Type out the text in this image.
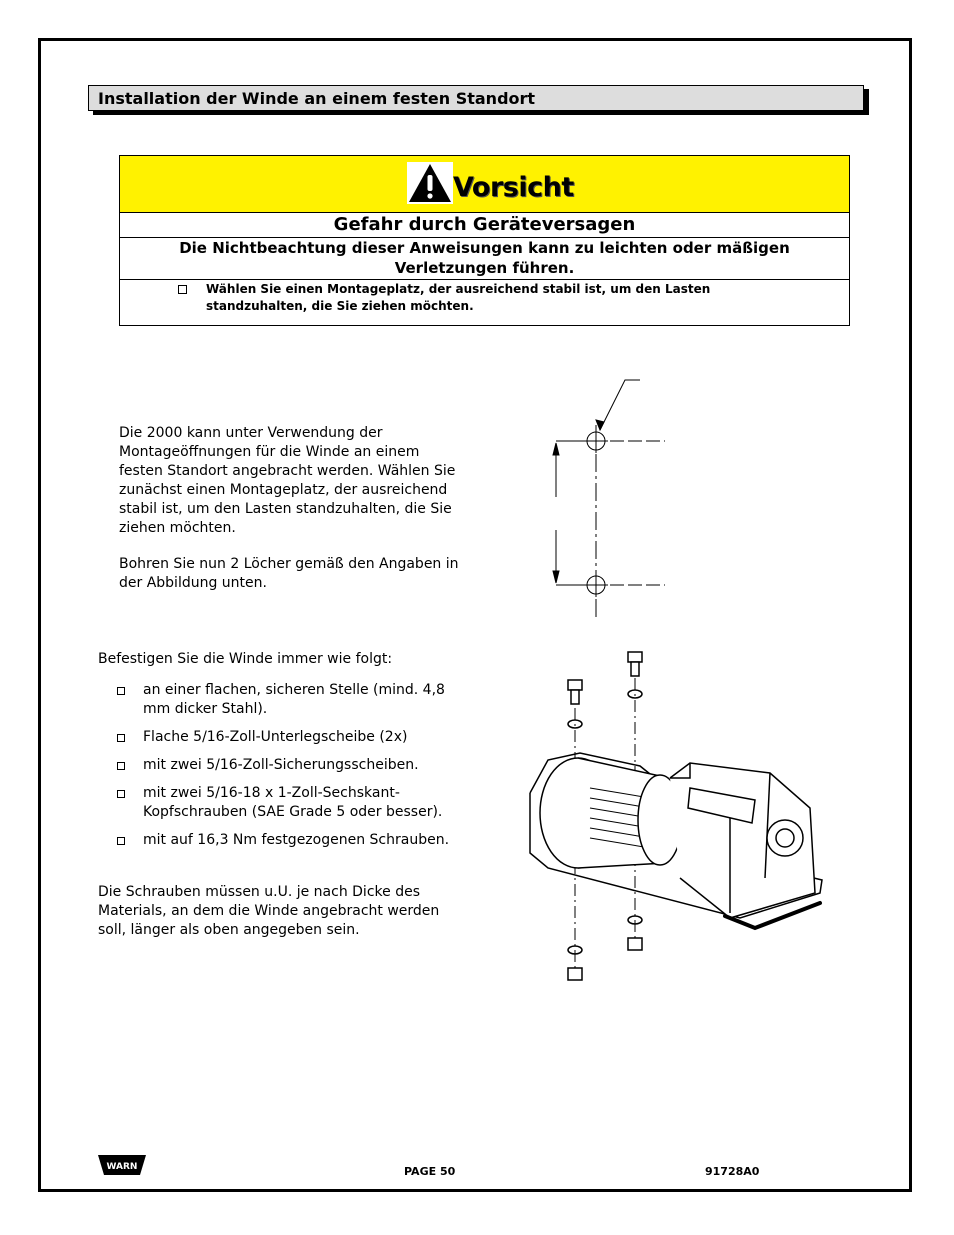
Installation der Winde an einem festen Standort
Vorsicht
Gefahr durch Geräteversagen
Die Nichtbeachtung dieser Anweisungen kann zu leichten oder mäßigen Verletzungen führen.
Wählen Sie einen Montageplatz, der ausreichend stabil ist, um den Lasten standzuhalten, die Sie ziehen möchten.
Die 2000 kann unter Verwendung der Montageöffnungen für die Winde an einem festen Standort angebracht werden. Wählen Sie zunächst einen Montageplatz, der ausreichend stabil ist, um den Lasten standzuhalten, die Sie ziehen möchten.
Bohren Sie nun 2 Löcher gemäß den Angaben in der Abbildung unten.
Befestigen Sie die Winde immer wie folgt:
an einer flachen, sicheren Stelle (mind. 4,8 mm dicker Stahl).
Flache 5/16-Zoll-Unterlegscheibe (2x)
mit zwei 5/16-Zoll-Sicherungsscheiben.
mit zwei 5/16-18 x 1-Zoll-Sechskant-Kopfschrauben (SAE Grade 5 oder besser).
mit auf 16,3 Nm festgezogenen Schrauben.
Die Schrauben müssen u.U. je nach Dicke des Materials, an dem die Winde angebracht werden soll, länger als oben angegeben sein.
WARN	PAGE 50	91728A0
